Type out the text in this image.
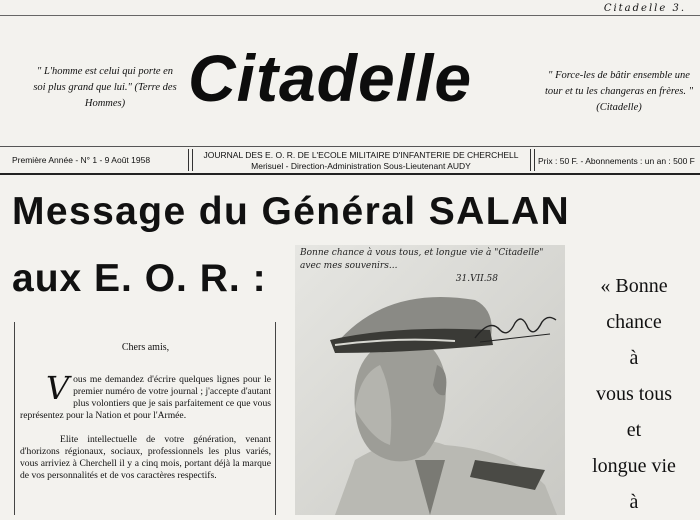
Citadelle 3.
" L'homme est celui qui porte en soi plus grand que lui." (Terre des Hommes) Citadelle	" Force-les de bâtir ensemble une tour et tu les changeras en frères. " (Citadelle)
Première Année - N° 1 - 9 Août 1958	JOURNAL DES E. O. R. DE L'ECOLE MILITAIRE D'INFANTERIE DE CHERCHELL
Merisuel - Direction-Administration Sous-Lieutenant AUDY	Prix : 50 F. - Abonnements : un an : 500 F
Message du Général SALAN
aux E. O. R. :
Chers amis,

Vous me demandez d'écrire quelques lignes pour le premier numéro de votre journal ; j'accepte d'autant plus volontiers que je sais parfaitement ce que vous représentez pour la Nation et pour l'Armée.

Elite intellectuelle de votre génération, venant d'horizons régionaux, sociaux, professionnels les plus variés, vous arriviez à Cherchell il y a cinq mois, portant déjà la marque de vos personnalités et de vos caractères respectifs.

Bonne chance à vous tous, et longue vie à "Citadelle"
avec mes souvenirs...
31.VII.58	« Bonne
chance
à
vous tous
et
longue vie
à
